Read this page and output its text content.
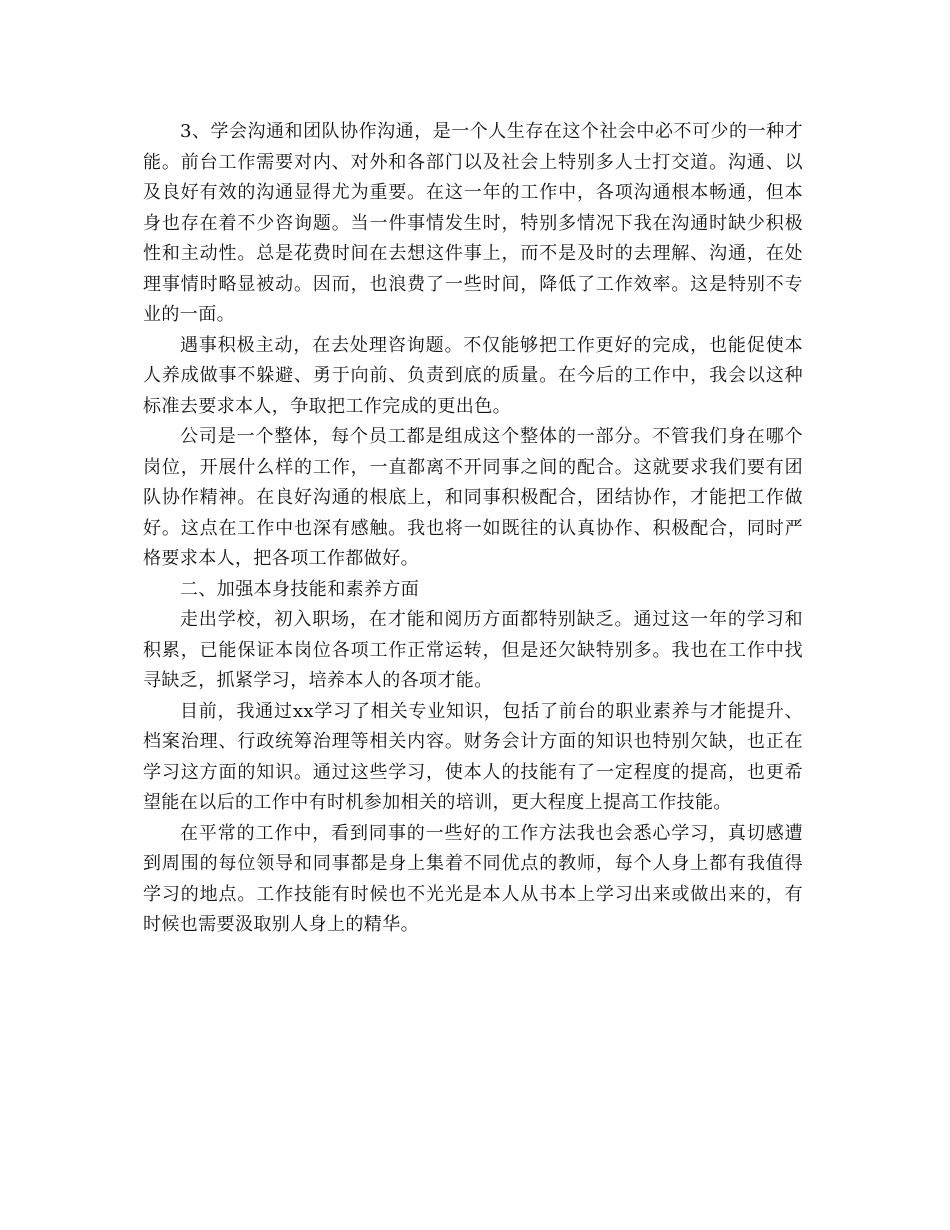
3、学会沟通和团队协作沟通，是一个人生存在这个社会中必不可少的一种才能。前台工作需要对内、对外和各部门以及社会上特别多人士打交道。沟通、以及良好有效的沟通显得尤为重要。在这一年的工作中，各项沟通根本畅通，但本身也存在着不少咨询题。当一件事情发生时，特别多情况下我在沟通时缺少积极性和主动性。总是花费时间在去想这件事上，而不是及时的去理解、沟通，在处理事情时略显被动。因而，也浪费了一些时间，降低了工作效率。这是特别不专业的一面。

遇事积极主动，在去处理咨询题。不仅能够把工作更好的完成，也能促使本人养成做事不躲避、勇于向前、负责到底的质量。在今后的工作中，我会以这种标准去要求本人，争取把工作完成的更出色。

公司是一个整体，每个员工都是组成这个整体的一部分。不管我们身在哪个岗位，开展什么样的工作，一直都离不开同事之间的配合。这就要求我们要有团队协作精神。在良好沟通的根底上，和同事积极配合，团结协作，才能把工作做好。这点在工作中也深有感触。我也将一如既往的认真协作、积极配合，同时严格要求本人，把各项工作都做好。

二、加强本身技能和素养方面

走出学校，初入职场，在才能和阅历方面都特别缺乏。通过这一年的学习和积累，已能保证本岗位各项工作正常运转，但是还欠缺特别多。我也在工作中找寻缺乏，抓紧学习，培养本人的各项才能。

目前，我通过xx学习了相关专业知识，包括了前台的职业素养与才能提升、档案治理、行政统筹治理等相关内容。财务会计方面的知识也特别欠缺，也正在学习这方面的知识。通过这些学习，使本人的技能有了一定程度的提高，也更希望能在以后的工作中有时机参加相关的培训，更大程度上提高工作技能。

在平常的工作中，看到同事的一些好的工作方法我也会悉心学习，真切感遭到周围的每位领导和同事都是身上集着不同优点的教师，每个人身上都有我值得学习的地点。工作技能有时候也不光光是本人从书本上学习出来或做出来的，有时候也需要汲取别人身上的精华。
